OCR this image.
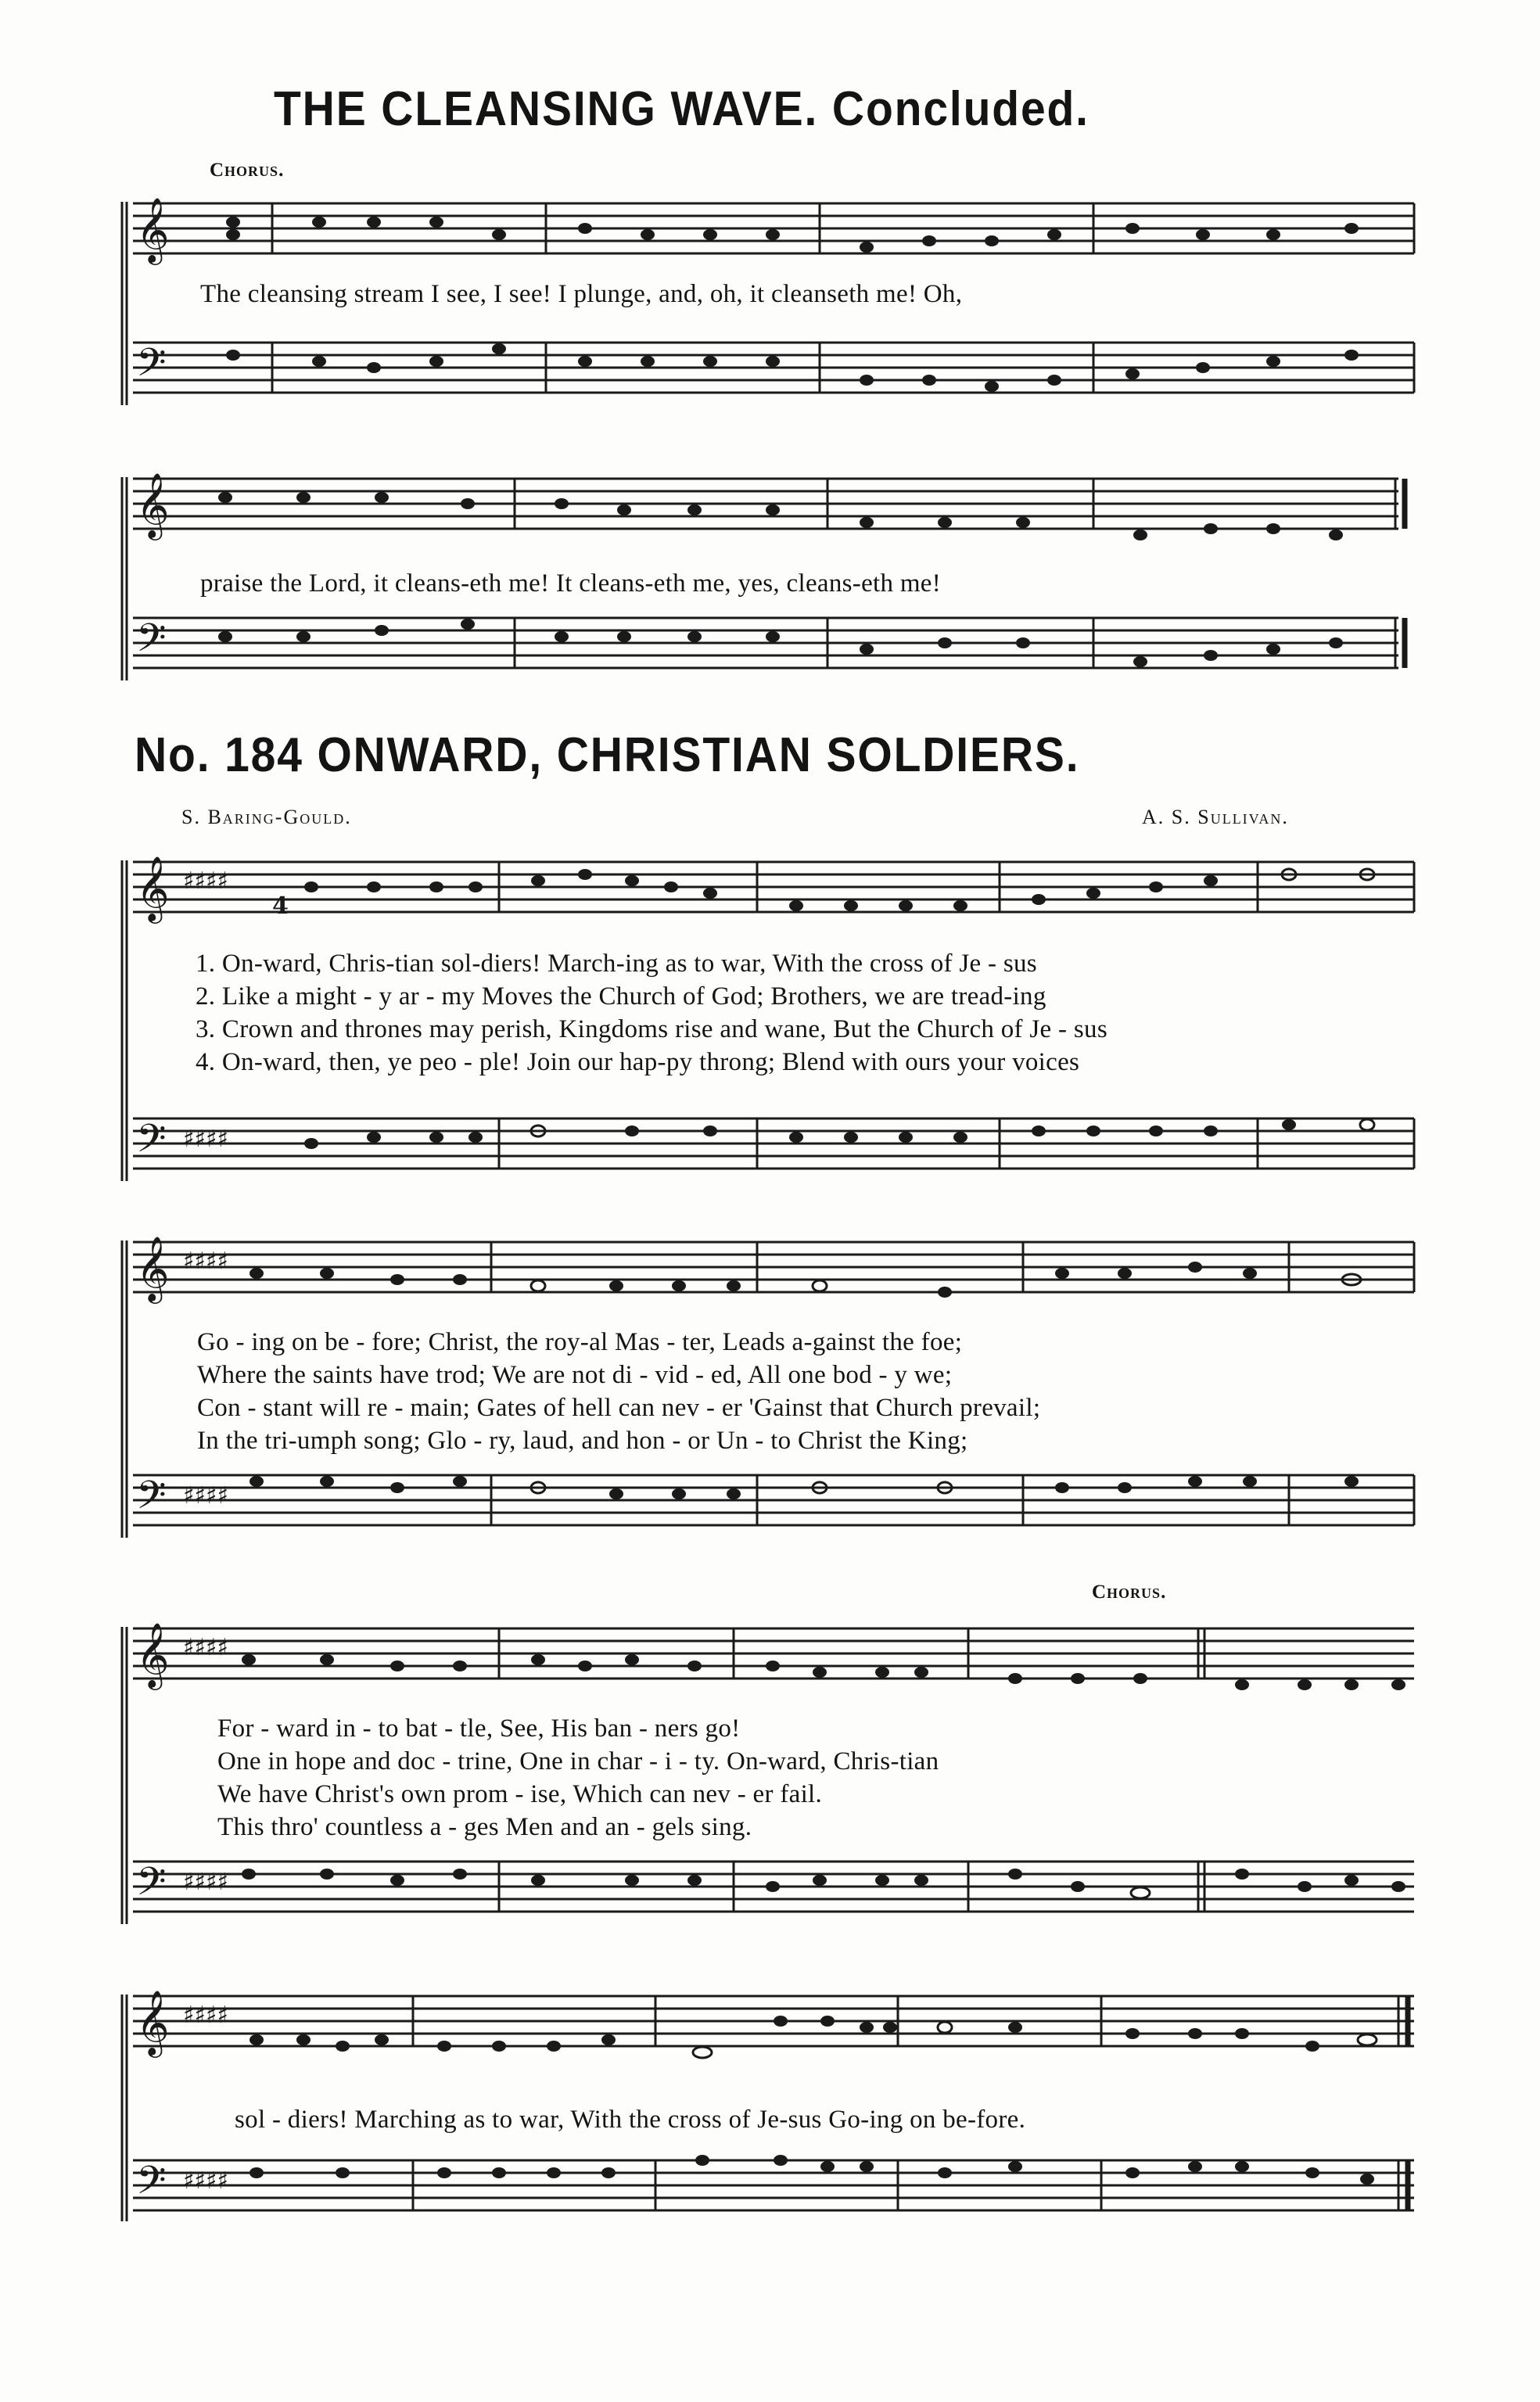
THE CLEANSING WAVE. Concluded.
Chorus.
𝄞
𝄢
The cleansing stream I see, I see! I plunge, and, oh, it cleanseth me! Oh,
𝄞
𝄢
praise the Lord, it cleans-eth me! It cleans-eth me, yes, cleans-eth me!
No. 184 ONWARD, CHRISTIAN SOLDIERS.
S. Baring-Gould.	A. S. Sullivan.
𝄞 ♯♯♯♯
4
𝄢 ♯♯♯♯
1. On-ward, Chris-tian sol-diers! March-ing as to war, With the cross of Je - sus
2. Like a might - y ar - my Moves the Church of God; Brothers, we are tread-ing
3. Crown and thrones may perish, Kingdoms rise and wane, But the Church of Je - sus
4. On-ward, then, ye peo - ple! Join our hap-py throng; Blend with ours your voices
𝄞 ♯♯♯♯
𝄢 ♯♯♯♯
Go - ing on be - fore; Christ, the roy-al Mas - ter, Leads a-gainst the foe;
Where the saints have trod; We are not di - vid - ed, All one bod - y we;
Con - stant will re - main; Gates of hell can nev - er 'Gainst that Church prevail;
In the tri-umph song; Glo - ry, laud, and hon - or Un - to Christ the King;
Chorus.
𝄞 ♯♯♯♯
𝄢 ♯♯♯♯
For - ward in - to bat - tle, See, His ban - ners go!
One in hope and doc - trine, One in char - i - ty. On-ward, Chris-tian
We have Christ's own prom - ise, Which can nev - er fail.
This thro' countless a - ges Men and an - gels sing.
𝄞 ♯♯♯♯
𝄢 ♯♯♯♯
sol - diers! Marching as to war, With the cross of Je-sus Go-ing on be-fore.
